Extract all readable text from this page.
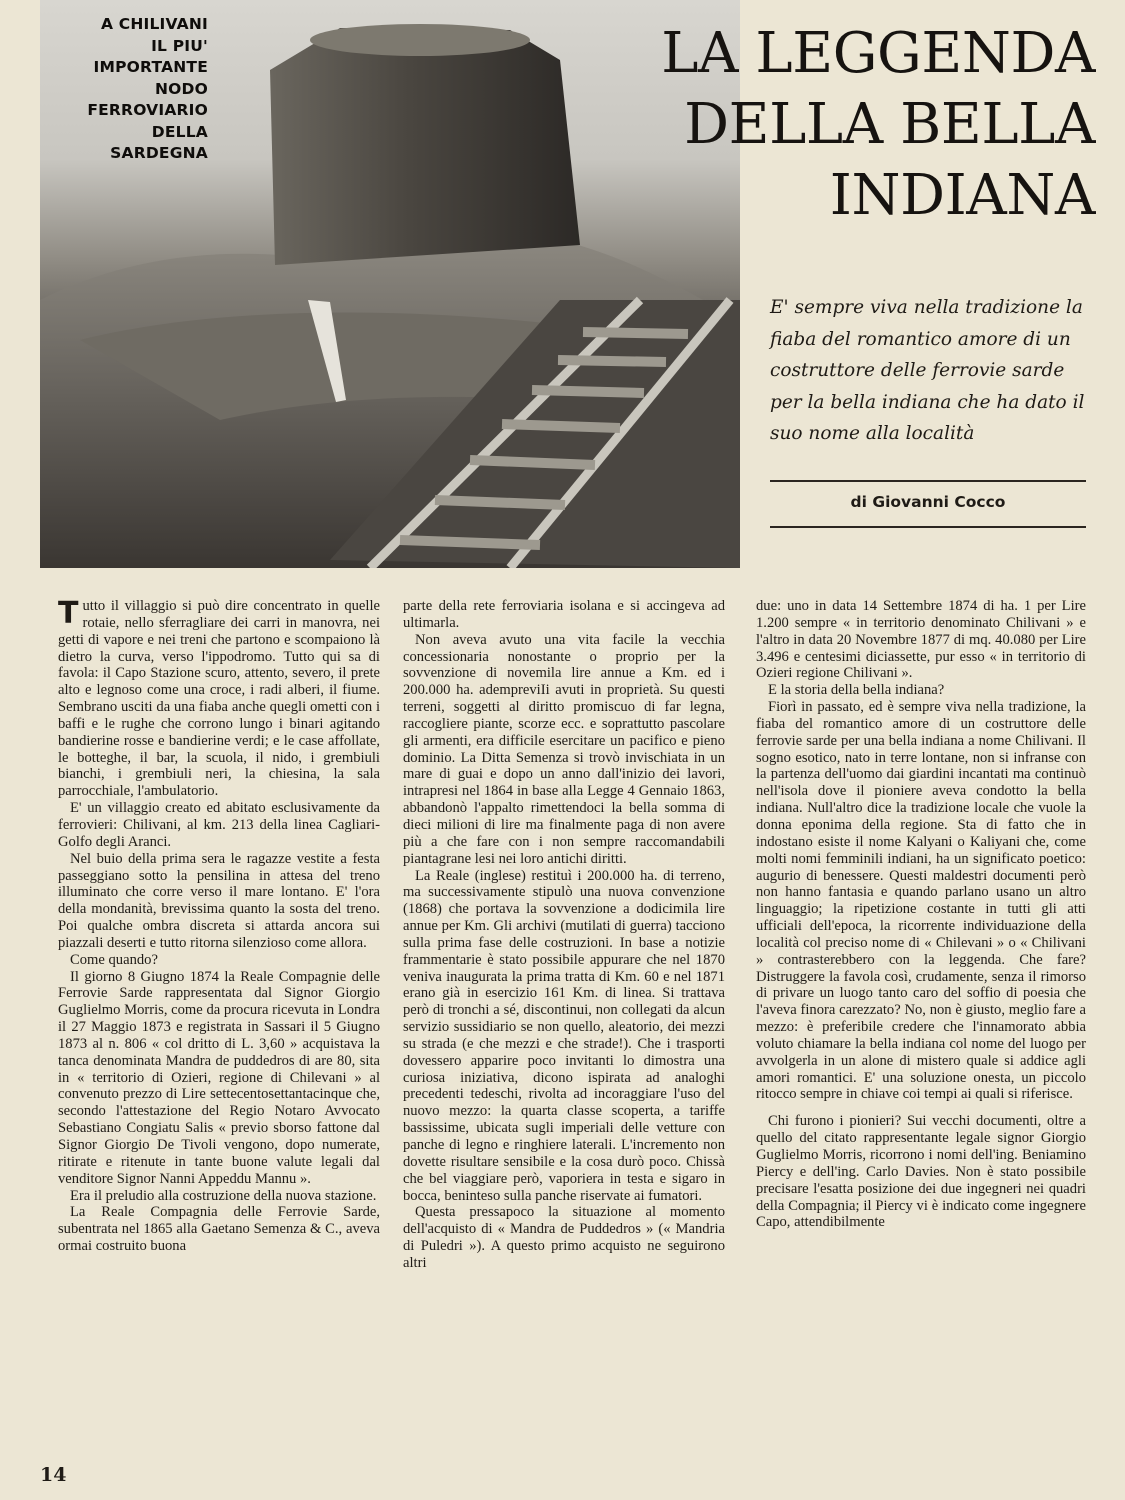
A CHILIVANI
IL PIU'
IMPORTANTE
NODO
FERROVIARIO
DELLA
SARDEGNA
LA LEGGENDA
DELLA BELLA
INDIANA
E' sempre viva nella tradizione la fiaba del romantico amore di un costruttore delle ferrovie sarde per la bella indiana che ha dato il suo nome alla località
di Giovanni Cocco

Tutto il villaggio si può dire concentrato in quelle rotaie, nello sferragliare dei carri in manovra, nei getti di vapore e nei treni che partono e scompaiono là dietro la curva, verso l'ippodromo. Tutto qui sa di favola: il Capo Stazione scuro, attento, severo, il prete alto e legnoso come una croce, i radi alberi, il fiume. Sembrano usciti da una fiaba anche quegli ometti con i baffi e le rughe che corrono lungo i binari agitando bandierine rosse e bandierine verdi; e le case affollate, le botteghe, il bar, la scuola, il nido, i grembiuli bianchi, i grembiuli neri, la chiesina, la sala parrocchiale, l'ambulatorio.

E' un villaggio creato ed abitato esclusivamente da ferrovieri: Chilivani, al km. 213 della linea Cagliari-Golfo degli Aranci.

Nel buio della prima sera le ragazze vestite a festa passeggiano sotto la pensilina in attesa del treno illuminato che corre verso il mare lontano. E' l'ora della mondanità, brevissima quanto la sosta del treno. Poi qualche ombra discreta si attarda ancora sui piazzali deserti e tutto ritorna silenzioso come allora.

Come quando?

Il giorno 8 Giugno 1874 la Reale Compagnie delle Ferrovie Sarde rappresentata dal Signor Giorgio Guglielmo Morris, come da procura ricevuta in Londra il 27 Maggio 1873 e registrata in Sassari il 5 Giugno 1873 al n. 806 « col dritto di L. 3,60 » acquistava la tanca denominata Mandra de puddedros di are 80, sita in « territorio di Ozieri, regione di Chilevani » al convenuto prezzo di Lire settecentosettantacinque che, secondo l'attestazione del Regio Notaro Avvocato Sebastiano Congiatu Salis « previo sborso fattone dal Signor Giorgio De Tivoli vengono, dopo numerate, ritirate e ritenute in tante buone valute legali dal venditore Signor Nanni Appeddu Mannu ».

Era il preludio alla costruzione della nuova stazione.

La Reale Compagnia delle Ferrovie Sarde, subentrata nel 1865 alla Gaetano Semenza & C., aveva ormai costruito buona

parte della rete ferroviaria isolana e si accingeva ad ultimarla.

Non aveva avuto una vita facile la vecchia concessionaria nonostante o proprio per la sovvenzione di novemila lire annue a Km. ed i 200.000 ha. adempreviIi avuti in proprietà. Su questi terreni, soggetti al diritto promiscuo di far legna, raccogliere piante, scorze ecc. e soprattutto pascolare gli armenti, era difficile esercitare un pacifico e pieno dominio. La Ditta Semenza si trovò invischiata in un mare di guai e dopo un anno dall'inizio dei lavori, intrapresi nel 1864 in base alla Legge 4 Gennaio 1863, abbandonò l'appalto rimettendoci la bella somma di dieci milioni di lire ma finalmente paga di non avere più a che fare con i non sempre raccomandabili piantagrane lesi nei loro antichi diritti.

La Reale (inglese) restituì i 200.000 ha. di terreno, ma successivamente stipulò una nuova convenzione (1868) che portava la sovvenzione a dodicimila lire annue per Km. Gli archivi (mutilati di guerra) tacciono sulla prima fase delle costruzioni. In base a notizie frammentarie è stato possibile appurare che nel 1870 veniva inaugurata la prima tratta di Km. 60 e nel 1871 erano già in esercizio 161 Km. di linea. Si trattava però di tronchi a sé, discontinui, non collegati da alcun servizio sussidiario se non quello, aleatorio, dei mezzi su strada (e che mezzi e che strade!). Che i trasporti dovessero apparire poco invitanti lo dimostra una curiosa iniziativa, dicono ispirata ad analoghi precedenti tedeschi, rivolta ad incoraggiare l'uso del nuovo mezzo: la quarta classe scoperta, a tariffe bassissime, ubicata sugli imperiali delle vetture con panche di legno e ringhiere laterali. L'incremento non dovette risultare sensibile e la cosa durò poco. Chissà che bel viaggiare però, vaporiera in testa e sigaro in bocca, beninteso sulla panche riservate ai fumatori.

Questa pressapoco la situazione al momento dell'acquisto di « Mandra de Puddedros » (« Mandria di Puledri »). A questo primo acquisto ne seguirono altri

due: uno in data 14 Settembre 1874 di ha. 1 per Lire 1.200 sempre « in territorio denominato Chilivani » e l'altro in data 20 Novembre 1877 di mq. 40.080 per Lire 3.496 e centesimi diciassette, pur esso « in territorio di Ozieri regione Chilivani ».

E la storia della bella indiana?

Fiorì in passato, ed è sempre viva nella tradizione, la fiaba del romantico amore di un costruttore delle ferrovie sarde per una bella indiana a nome Chilivani. Il sogno esotico, nato in terre lontane, non si infranse con la partenza dell'uomo dai giardini incantati ma continuò nell'isola dove il pioniere aveva condotto la bella indiana. Null'altro dice la tradizione locale che vuole la donna eponima della regione. Sta di fatto che in indostano esiste il nome Kalyani o Kaliyani che, come molti nomi femminili indiani, ha un significato poetico: augurio di benessere. Questi maldestri documenti però non hanno fantasia e quando parlano usano un altro linguaggio; la ripetizione costante in tutti gli atti ufficiali dell'epoca, la ricorrente individuazione della località col preciso nome di « Chilevani » o « Chilivani » contrasterebbero con la leggenda. Che fare? Distruggere la favola così, crudamente, senza il rimorso di privare un luogo tanto caro del soffio di poesia che l'aveva finora carezzato? No, non è giusto, meglio fare a mezzo: è preferibile credere che l'innamorato abbia voluto chiamare la bella indiana col nome del luogo per avvolgerla in un alone di mistero quale si addice agli amori romantici. E' una soluzione onesta, un piccolo ritocco sempre in chiave coi tempi ai quali si riferisce.

Chi furono i pionieri? Sui vecchi documenti, oltre a quello del citato rappresentante legale signor Giorgio Guglielmo Morris, ricorrono i nomi dell'ing. Beniamino Piercy e dell'ing. Carlo Davies. Non è stato possibile precisare l'esatta posizione dei due ingegneri nei quadri della Compagnia; il Piercy vi è indicato come ingegnere Capo, attendibilmente

14
